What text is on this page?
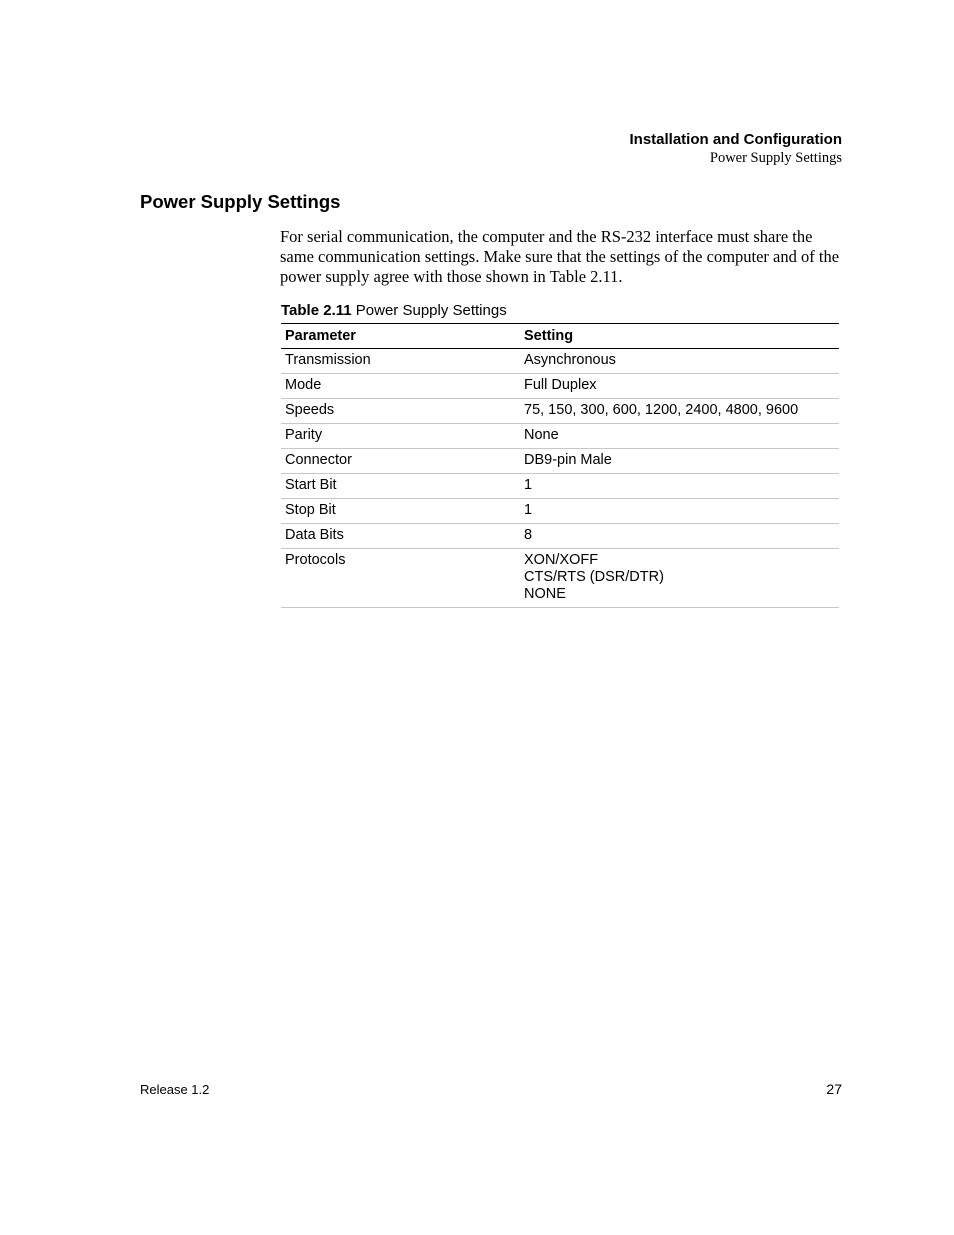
Installation and Configuration
Power Supply Settings
Power Supply Settings

For serial communication, the computer and the RS-232 interface must share the same communication settings. Make sure that the settings of the computer and of the power supply agree with those shown in Table 2.11.

Table 2.11 Power Supply Settings
Parameter	Setting
Transmission	Asynchronous

Mode	Full Duplex

Speeds	75, 150, 300, 600, 1200, 2400, 4800, 9600

Parity	None

Connector	DB9-pin Male

Start Bit	1

Stop Bit	1

Data Bits	8

Protocols	XON/XOFF
CTS/RTS (DSR/DTR)
NONE
Release 1.2	27
